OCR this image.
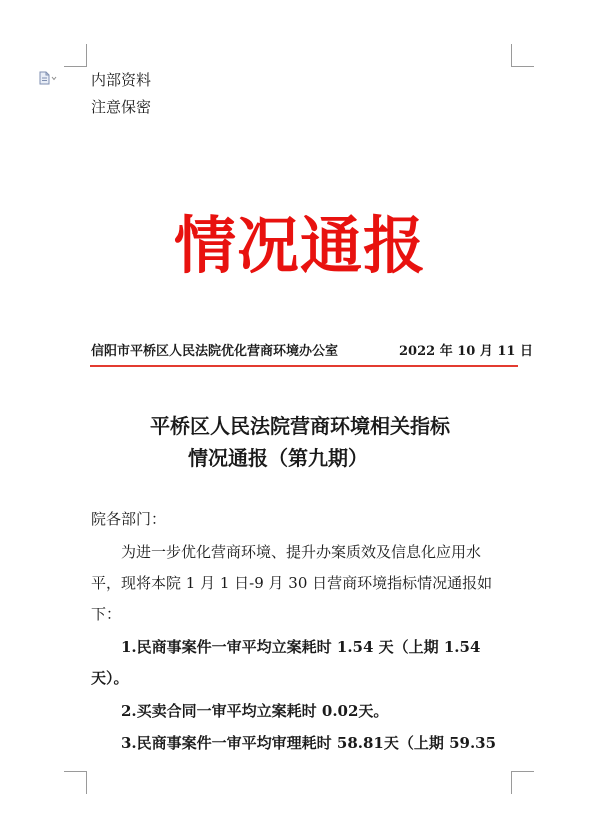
内部资料
注意保密
情况通报
信阳市平桥区人民法院优化营商环境办公室	2022 年 10 月 11 日
平桥区人民法院营商环境相关指标
情况通报（第九期）
院各部门：
为进一步优化营商环境、提升办案质效及信息化应用水
平，现将本院 1 月 1 日-9 月 30 日营商环境指标情况通报如
下：
1.民商事案件一审平均立案耗时 1.54 天（上期 1.54
天）。
2.买卖合同一审平均立案耗时 0.02天。
3.民商事案件一审平均审理耗时 58.81天（上期 59.35
